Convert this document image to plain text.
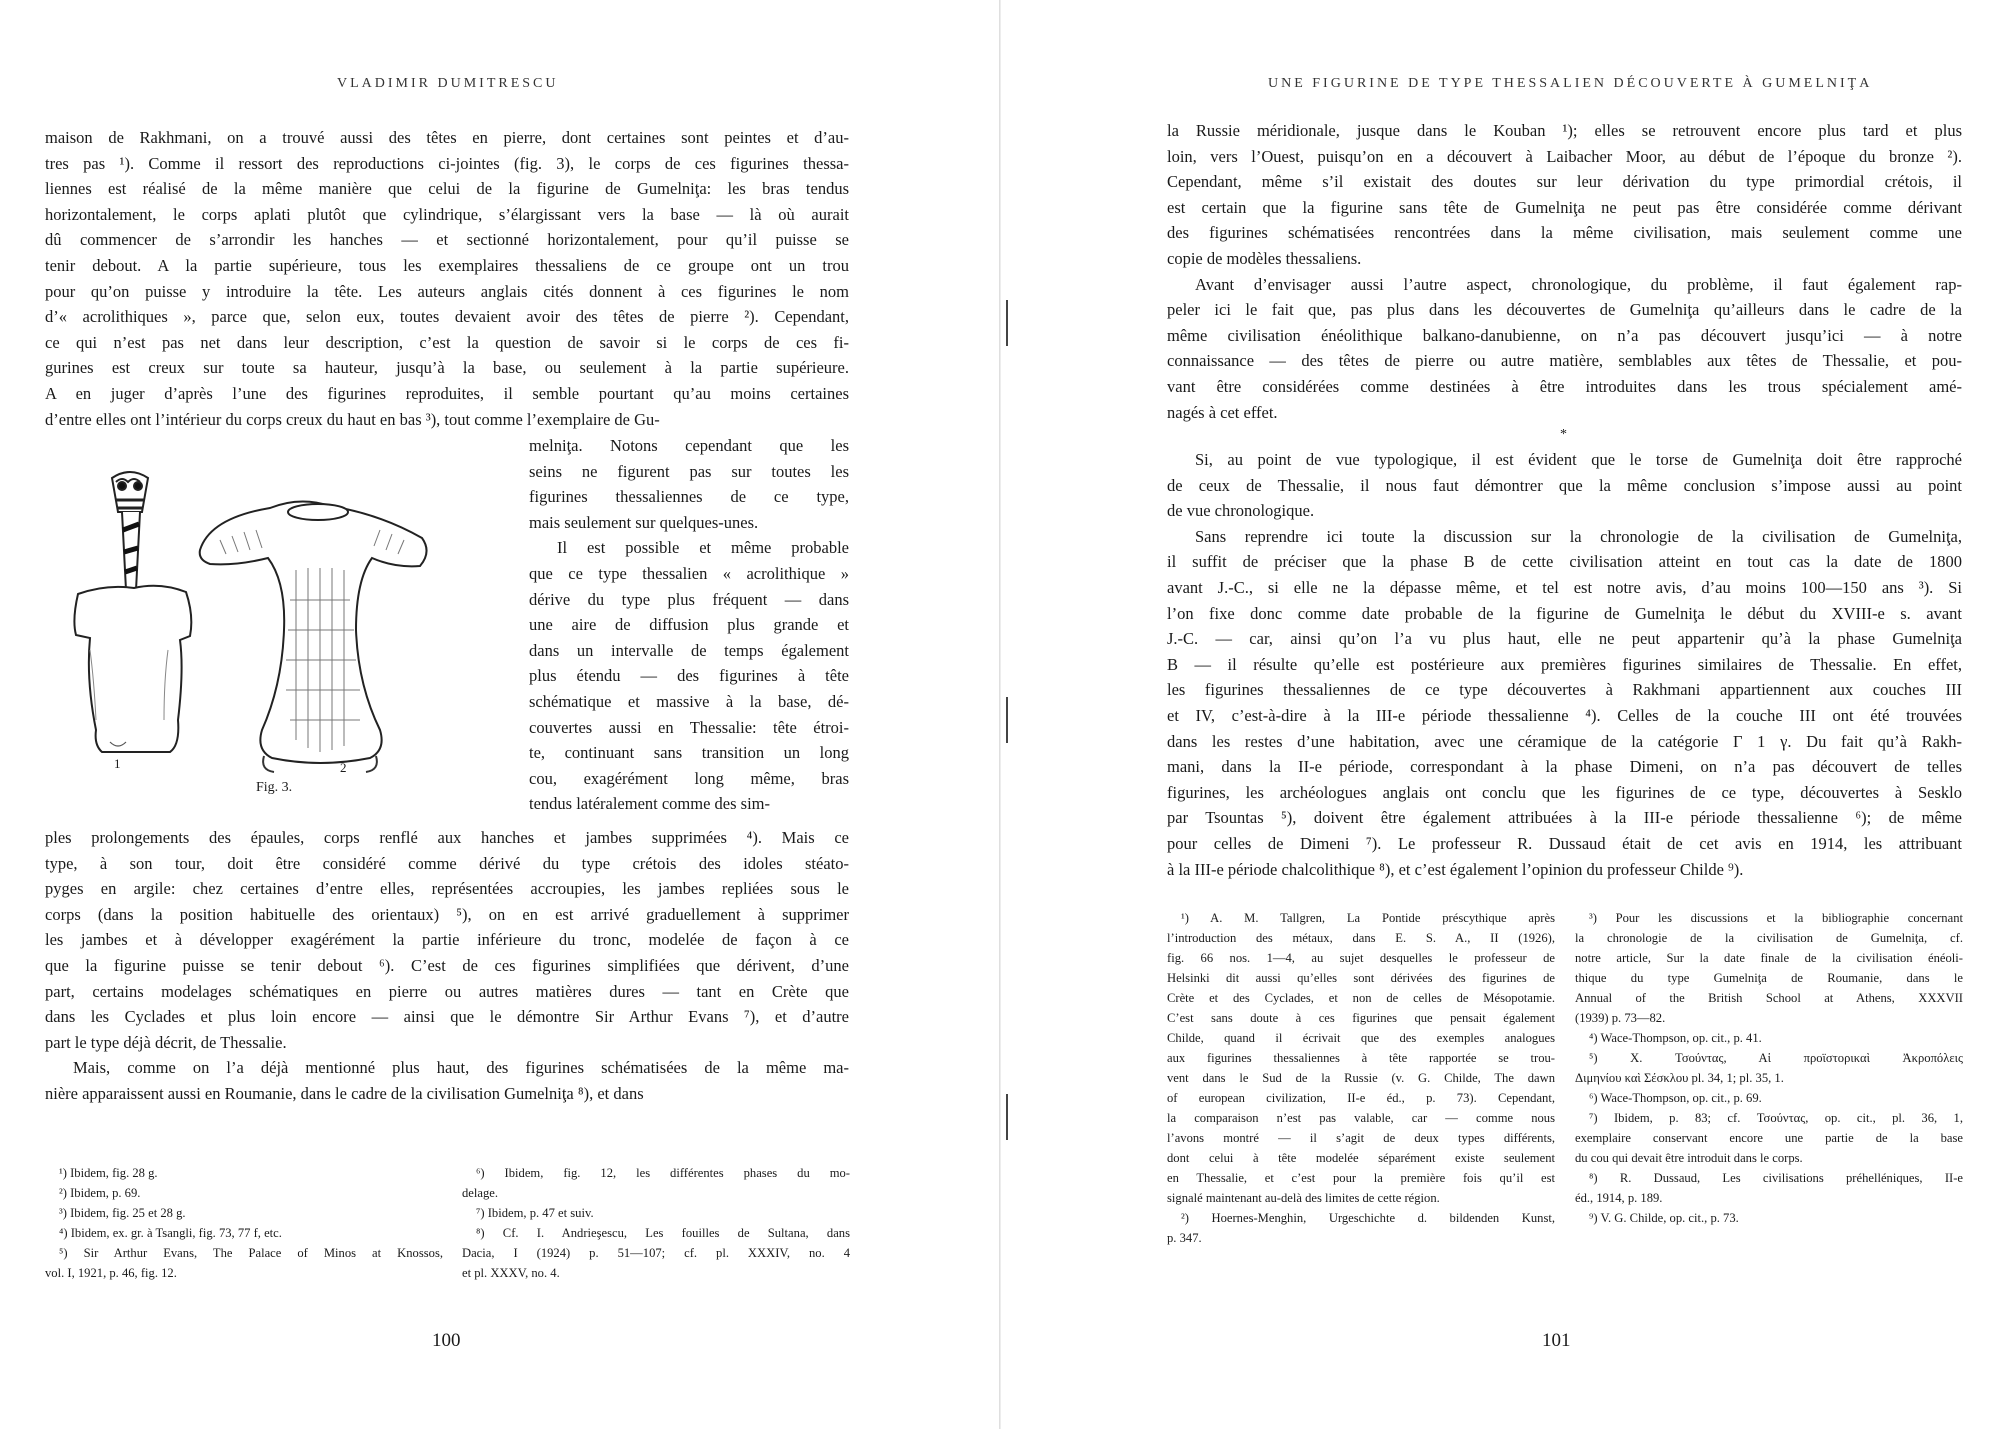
VLADIMIR DUMITRESCU
maison de Rakhmani, on a trouvé aussi des têtes en pierre, dont certaines sont peintes et d’au-
tres pas ¹). Comme il ressort des reproductions ci-jointes (fig. 3), le corps de ces figurines thessa-
liennes est réalisé de la même manière que celui de la figurine de Gumelniţa: les bras tendus
horizontalement, le corps aplati plutôt que cylindrique, s’élargissant vers la base — là où aurait
dû commencer de s’arrondir les hanches — et sectionné horizontalement, pour qu’il puisse se
tenir debout. A la partie supérieure, tous les exemplaires thessaliens de ce groupe ont un trou
pour qu’on puisse y introduire la tête. Les auteurs anglais cités donnent à ces figurines le nom
d’« acrolithiques », parce que, selon eux, toutes devaient avoir des têtes de pierre ²). Cependant,
ce qui n’est pas net dans leur description, c’est la question de savoir si le corps de ces fi-
gurines est creux sur toute sa hauteur, jusqu’à la base, ou seulement à la partie supérieure.
A en juger d’après l’une des figurines reproduites, il semble pourtant qu’au moins certaines
d’entre elles ont l’intérieur du corps creux du haut en bas ³), tout comme l’exemplaire de Gu-
melniţa. Notons cependant que les
seins ne figurent pas sur toutes les
figurines thessaliennes de ce type,
mais seulement sur quelques-unes.
Il est possible et même probable
que ce type thessalien « acrolithique »
dérive du type plus fréquent — dans
une aire de diffusion plus grande et
dans un intervalle de temps également
plus étendu — des figurines à tête
schématique et massive à la base, dé-
couvertes aussi en Thessalie: tête étroi-
te, continuant sans transition un long
cou, exagérément long même, bras
tendus latéralement comme des sim-
1	2
Fig. 3.
ples prolongements des épaules, corps renflé aux hanches et jambes supprimées ⁴). Mais ce
type, à son tour, doit être considéré comme dérivé du type crétois des idoles stéato-
pyges en argile: chez certaines d’entre elles, représentées accroupies, les jambes repliées sous le
corps (dans la position habituelle des orientaux) ⁵), on en est arrivé graduellement à supprimer
les jambes et à développer exagérément la partie inférieure du tronc, modelée de façon à ce
que la figurine puisse se tenir debout ⁶). C’est de ces figurines simplifiées que dérivent, d’une
part, certains modelages schématiques en pierre ou autres matières dures — tant en Crète que
dans les Cyclades et plus loin encore — ainsi que le démontre Sir Arthur Evans ⁷), et d’autre
part le type déjà décrit, de Thessalie.
Mais, comme on l’a déjà mentionné plus haut, des figurines schématisées de la même ma-
nière apparaissent aussi en Roumanie, dans le cadre de la civilisation Gumelniţa ⁸), et dans
¹) Ibidem, fig. 28 g.
²) Ibidem, p. 69.
³) Ibidem, fig. 25 et 28 g.
⁴) Ibidem, ex. gr. à Tsangli, fig. 73, 77 f, etc.
⁵) Sir Arthur Evans, The Palace of Minos at Knossos,
vol. I, 1921, p. 46, fig. 12.
⁶) Ibidem, fig. 12, les différentes phases du mo-
delage.
⁷) Ibidem, p. 47 et suiv.
⁸) Cf. I. Andrieşescu, Les fouilles de Sultana, dans
Dacia, I (1924) p. 51—107; cf. pl. XXXIV, no. 4
et pl. XXXV, no. 4.
100
UNE FIGURINE DE TYPE THESSALIEN DÉCOUVERTE À GUMELNIŢA
la Russie méridionale, jusque dans le Kouban ¹); elles se retrouvent encore plus tard et plus
loin, vers l’Ouest, puisqu’on en a découvert à Laibacher Moor, au début de l’époque du bronze ²).
Cependant, même s’il existait des doutes sur leur dérivation du type primordial crétois, il
est certain que la figurine sans tête de Gumelniţa ne peut pas être considérée comme dérivant
des figurines schématisées rencontrées dans la même civilisation, mais seulement comme une
copie de modèles thessaliens.
Avant d’envisager aussi l’autre aspect, chronologique, du problème, il faut également rap-
peler ici le fait que, pas plus dans les découvertes de Gumelniţa qu’ailleurs dans le cadre de la
même civilisation énéolithique balkano-danubienne, on n’a pas découvert jusqu’ici — à notre
connaissance — des têtes de pierre ou autre matière, semblables aux têtes de Thessalie, et pou-
vant être considérées comme destinées à être introduites dans les trous spécialement amé-
nagés à cet effet.
*
Si, au point de vue typologique, il est évident que le torse de Gumelniţa doit être rapproché
de ceux de Thessalie, il nous faut démontrer que la même conclusion s’impose aussi au point
de vue chronologique.
Sans reprendre ici toute la discussion sur la chronologie de la civilisation de Gumelniţa,
il suffit de préciser que la phase B de cette civilisation atteint en tout cas la date de 1800
avant J.-C., si elle ne la dépasse même, et tel est notre avis, d’au moins 100—150 ans ³). Si
l’on fixe donc comme date probable de la figurine de Gumelniţa le début du XVIII-e s. avant
J.-C. — car, ainsi qu’on l’a vu plus haut, elle ne peut appartenir qu’à la phase Gumelniţa
B — il résulte qu’elle est postérieure aux premières figurines similaires de Thessalie. En effet,
les figurines thessaliennes de ce type découvertes à Rakhmani appartiennent aux couches III
et IV, c’est-à-dire à la III-e période thessalienne ⁴). Celles de la couche III ont été trouvées
dans les restes d’une habitation, avec une céramique de la catégorie Γ 1 γ. Du fait qu’à Rakh-
mani, dans la II-e période, correspondant à la phase Dimeni, on n’a pas découvert de telles
figurines, les archéologues anglais ont conclu que les figurines de ce type, découvertes à Sesklo
par Tsountas ⁵), doivent être également attribuées à la III-e période thessalienne ⁶); de même
pour celles de Dimeni ⁷). Le professeur R. Dussaud était de cet avis en 1914, les attribuant
à la III-e période chalcolithique ⁸), et c’est également l’opinion du professeur Childe ⁹).
¹) A. M. Tallgren, La Pontide préscythique après
l’introduction des métaux, dans E. S. A., II (1926),
fig. 66 nos. 1—4, au sujet desquelles le professeur de
Helsinki dit aussi qu’elles sont dérivées des figurines de
Crète et des Cyclades, et non de celles de Mésopotamie.
C’est sans doute à ces figurines que pensait également
Childe, quand il écrivait que des exemples analogues
aux figurines thessaliennes à tête rapportée se trou-
vent dans le Sud de la Russie (v. G. Childe, The dawn
of european civilization, II-e éd., p. 73). Cependant,
la comparaison n’est pas valable, car — comme nous
l’avons montré — il s’agit de deux types différents,
dont celui à tête modelée séparément existe seulement
en Thessalie, et c’est pour la première fois qu’il est
signalé maintenant au-delà des limites de cette région.
²) Hoernes-Menghin, Urgeschichte d. bildenden Kunst,
p. 347.
³) Pour les discussions et la bibliographie concernant
la chronologie de la civilisation de Gumelniţa, cf.
notre article, Sur la date finale de la civilisation énéoli-
thique du type Gumelniţa de Roumanie, dans le
Annual of the British School at Athens, XXXVII
(1939) p. 73—82.
⁴) Wace-Thompson, op. cit., p. 41.
⁵) X. Τσούντας, Αἱ προϊστορικαὶ Ἀκροπόλεις
Διμηνίου καὶ Σέσκλου pl. 34, 1; pl. 35, 1.
⁶) Wace-Thompson, op. cit., p. 69.
⁷) Ibidem, p. 83; cf. Τσούντας, op. cit., pl. 36, 1,
exemplaire conservant encore une partie de la base
du cou qui devait être introduit dans le corps.
⁸) R. Dussaud, Les civilisations préhelléniques, II-e
éd., 1914, p. 189.
⁹) V. G. Childe, op. cit., p. 73.
101
